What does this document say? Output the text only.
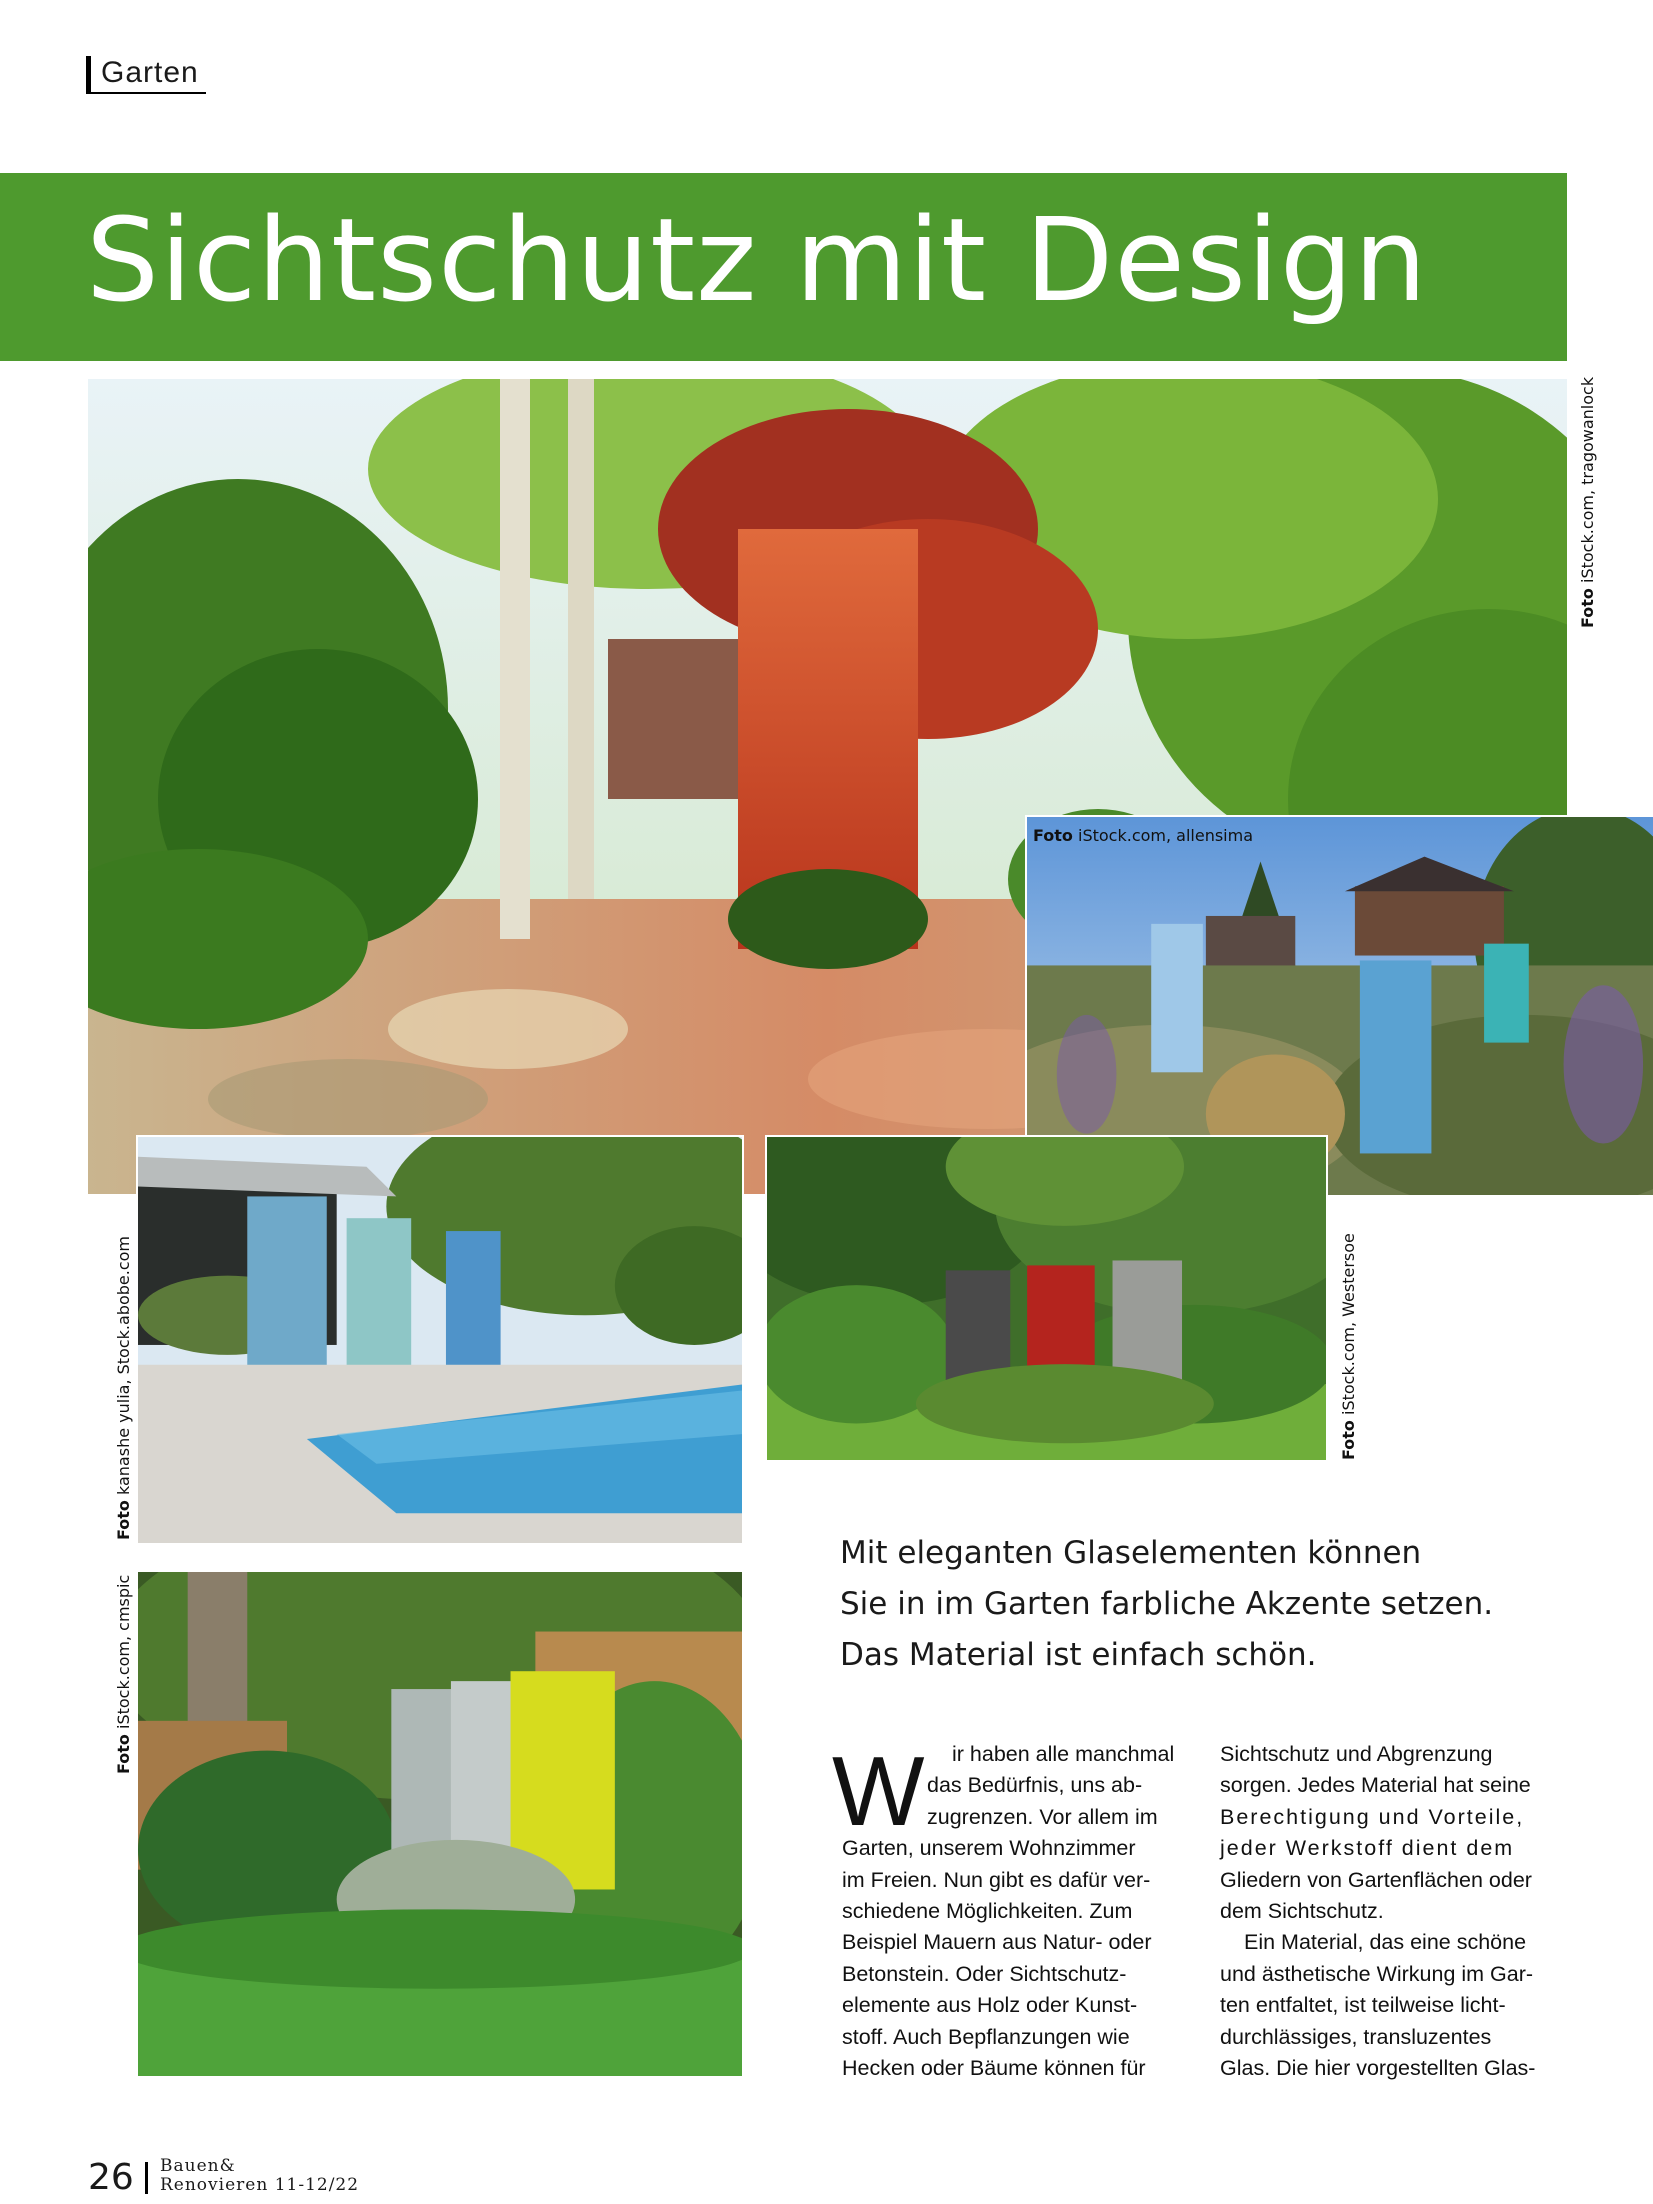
Garten
Sichtschutz mit Design
Foto iStock.com, tragowanlock
Foto iStock.com, allensima
Foto kanashe yulia, Stock.abobe.com	Foto iStock.com, Westersoe
Foto iStock.com, cmspic
Mit eleganten Glaselementen können
Sie in im Garten farbliche Akzente setzen.
Das Material ist einfach schön.
W	ir haben alle manchmal
das Bedürfnis, uns ab-
zugrenzen. Vor allem im
Garten, unserem Wohnzimmer
im Freien. Nun gibt es dafür ver-
schiedene Möglichkeiten. Zum
Beispiel Mauern aus Natur- oder
Betonstein. Oder Sichtschutz-
elemente aus Holz oder Kunst-
stoff. Auch Bepflanzungen wie
Hecken oder Bäume können für
Sichtschutz und Abgrenzung
sorgen. Jedes Material hat seine
Berechtigung und Vorteile,
jeder Werkstoff dient dem
Gliedern von Gartenflächen oder
dem Sichtschutz.
Ein Material, das eine schöne
und ästhetische Wirkung im Gar-
ten entfaltet, ist teilweise licht-
durchlässiges, transluzentes
Glas. Die hier vorgestellten Glas-
26 Bauen&
Renovieren 11-12/22
